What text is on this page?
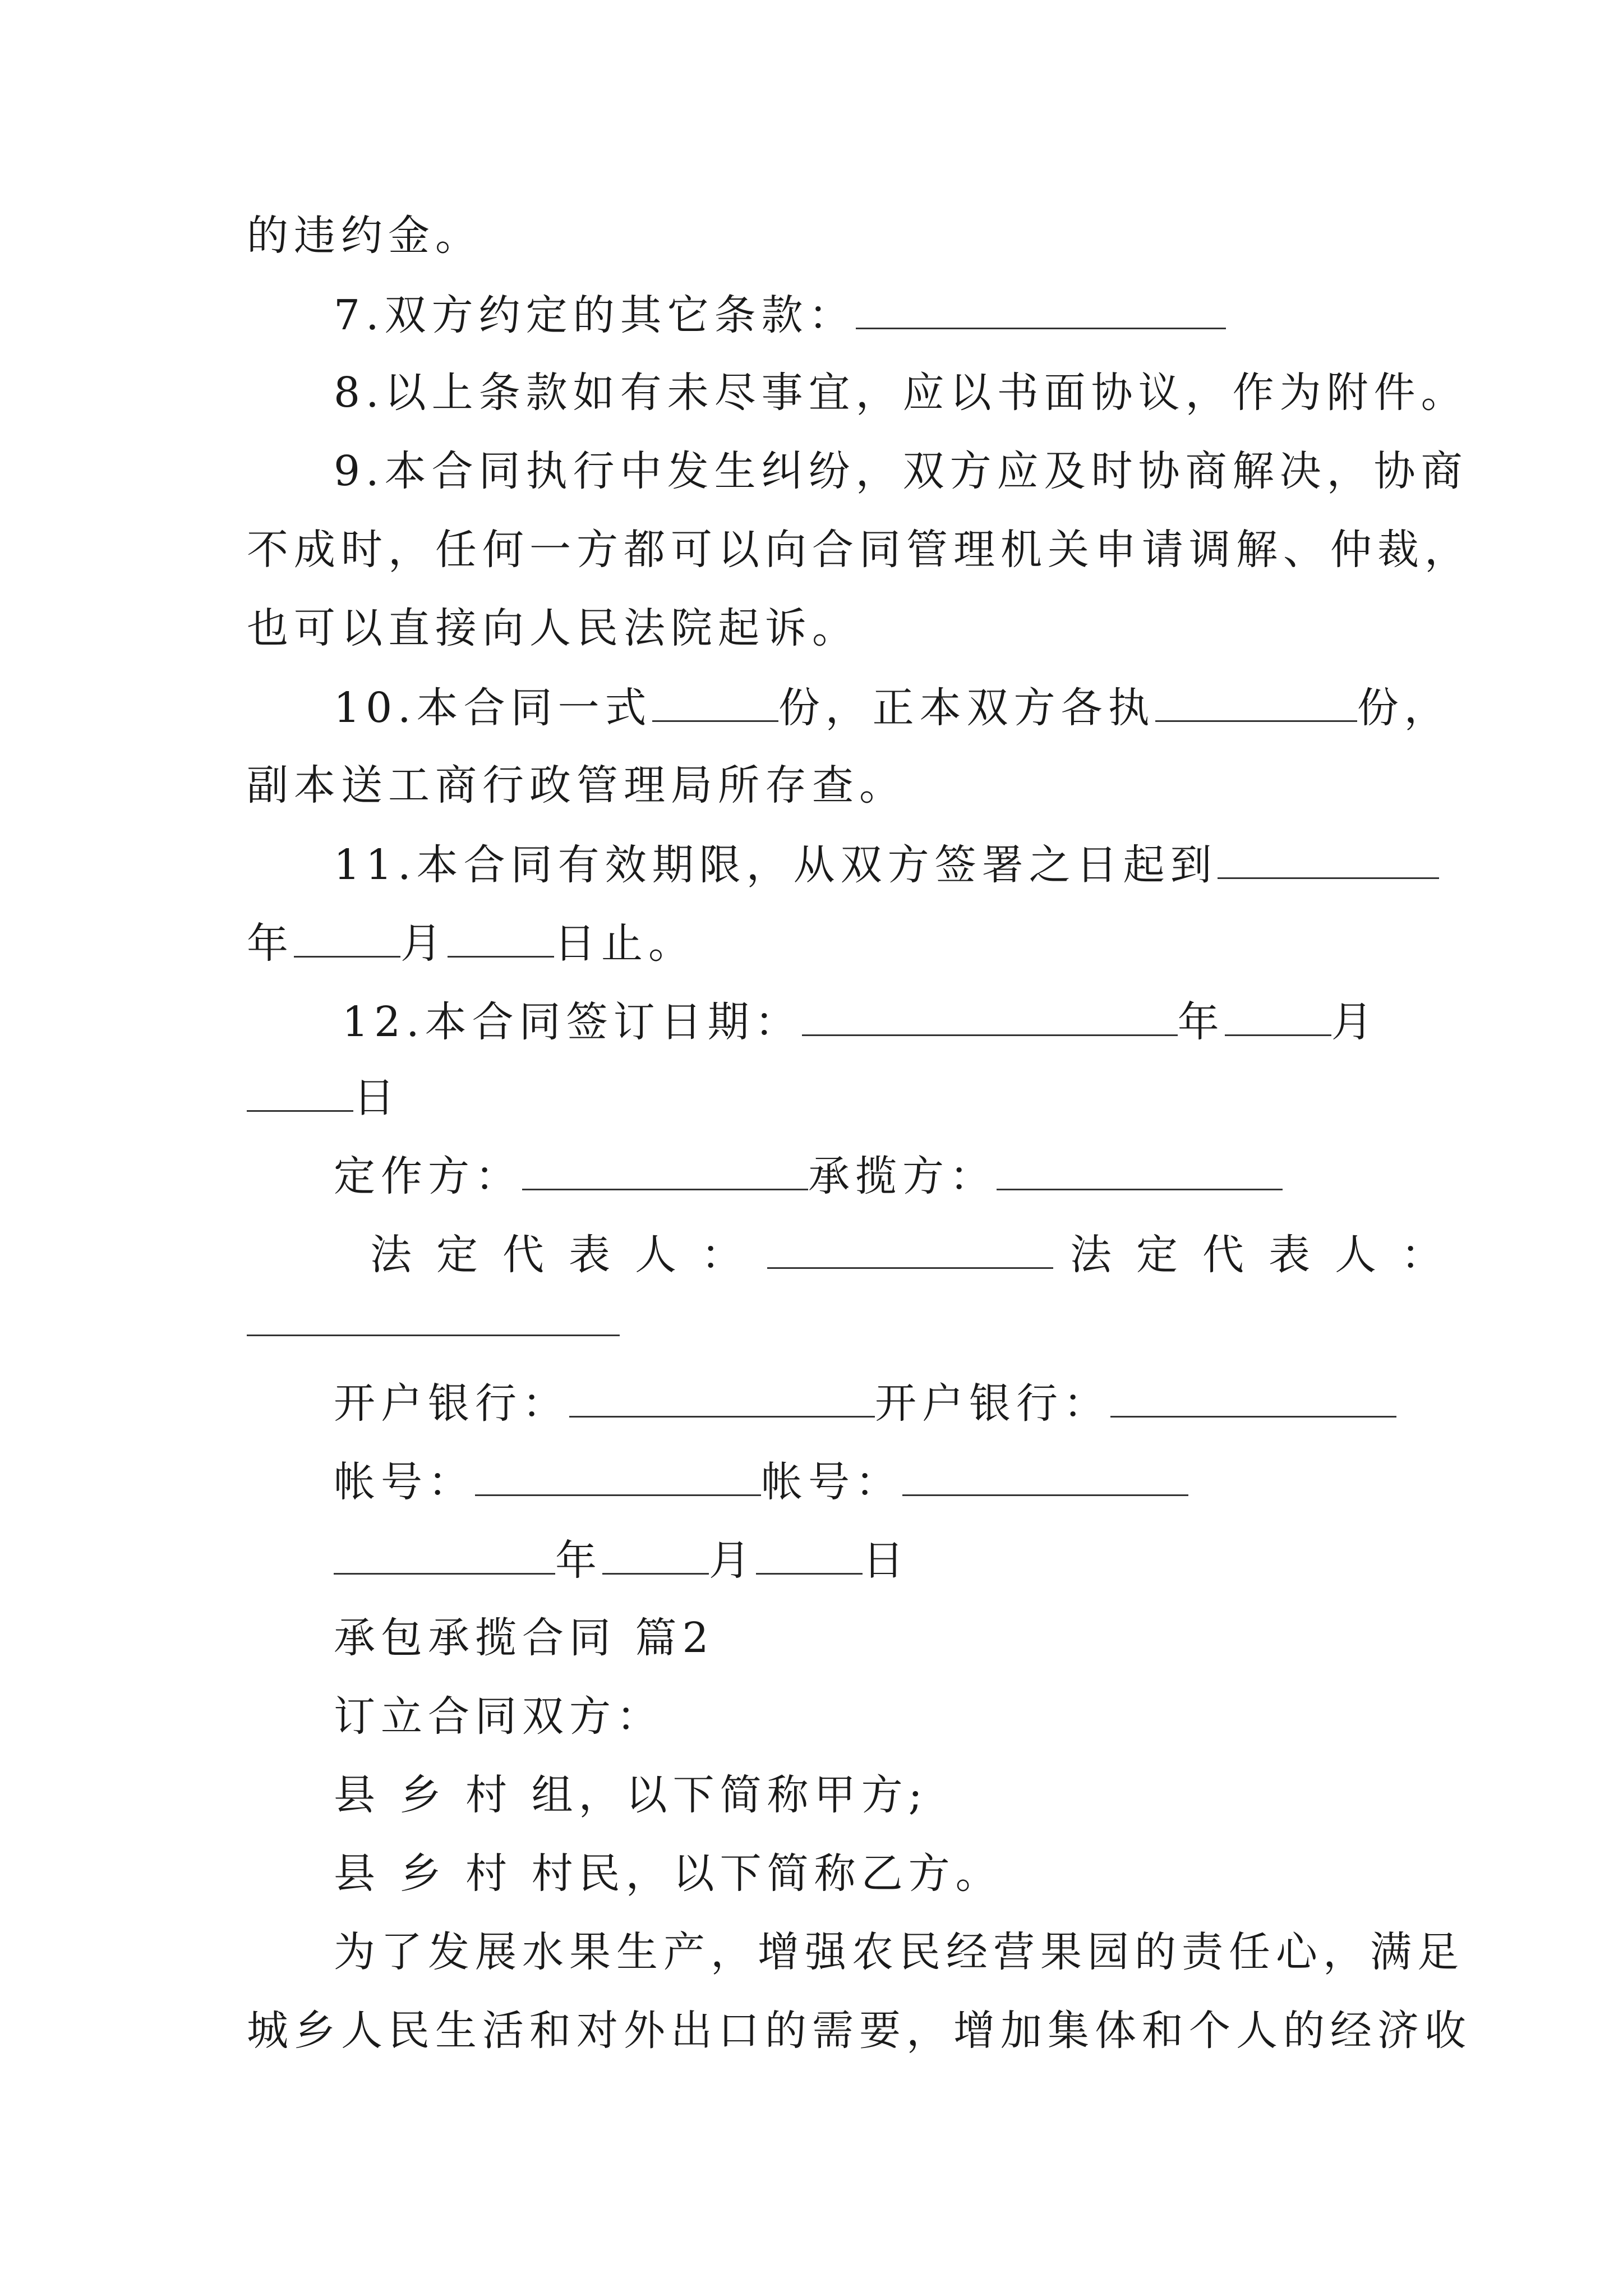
的违约金。
7.双方约定的其它条款：
8.以上条款如有未尽事宜，应以书面协议，作为附件。
9.本合同执行中发生纠纷，双方应及时协商解决，协商
不成时，任何一方都可以向合同管理机关申请调解、仲裁，
也可以直接向人民法院起诉。
10.本合同一式	份，正本双方各执	份，
副本送工商行政管理局所存查。
11.本合同有效期限，从双方签署之日起到
年	月	日止。
12.本合同签订日期：	年	月
日
定作方：	承揽方：
法定代表人：	法定代表人：
开户银行：	开户银行：
帐号：	帐号：
年	月	日
承包承揽合同 篇2
订立合同双方：
县 乡 村 组，以下简称甲方;
县 乡 村 村民，以下简称乙方。
为了发展水果生产，增强农民经营果园的责任心，满足
城乡人民生活和对外出口的需要，增加集体和个人的经济收
